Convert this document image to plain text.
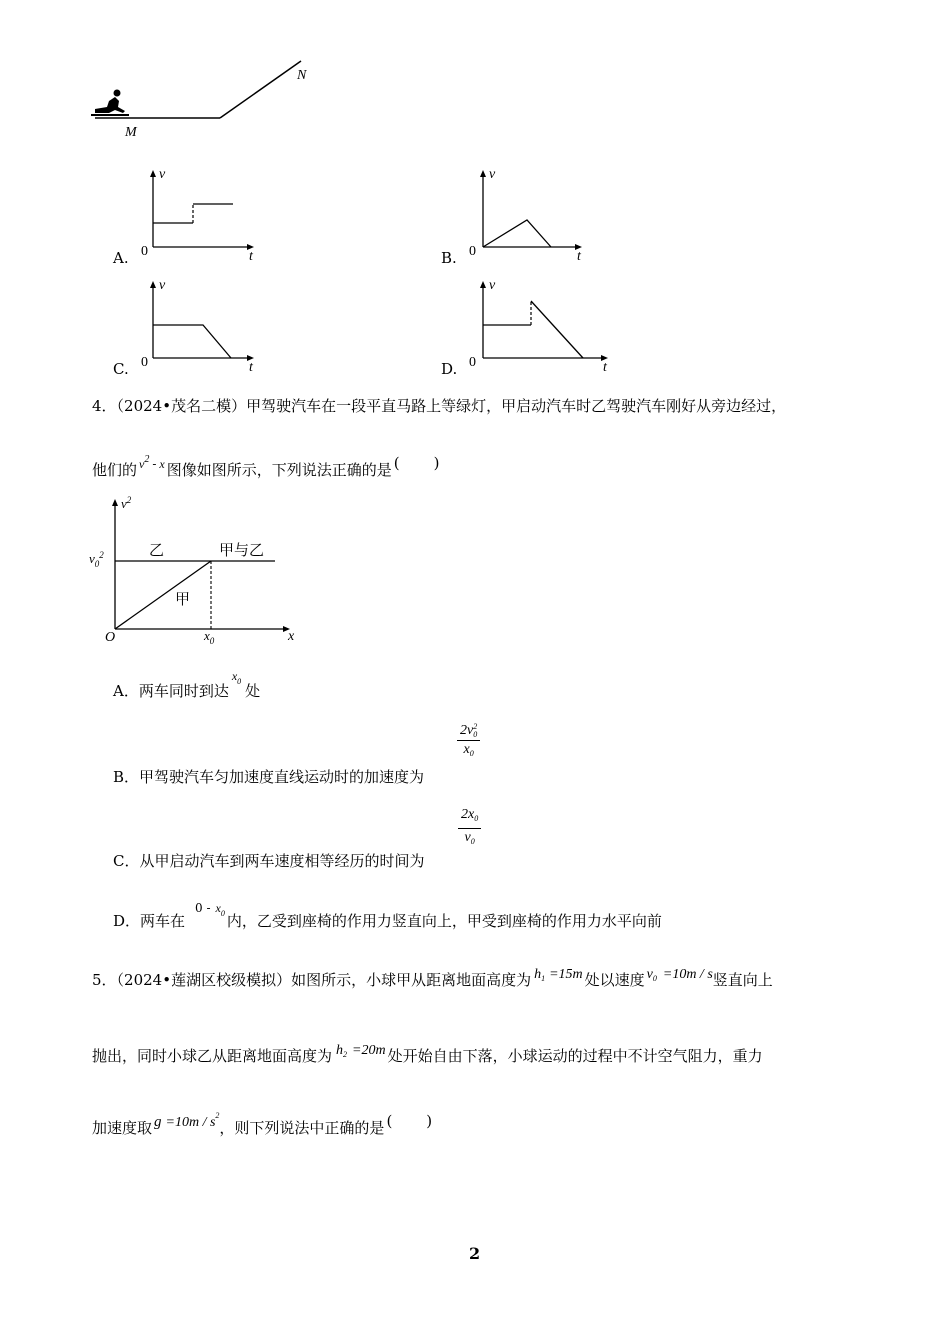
M
N
A.
v
t
0	B.
v
t
0
C.
v
t
0	D.
v
t
0
4．（2024•茂名二模）甲驾驶汽车在一段平直马路上等绿灯，甲启动汽车时乙驾驶汽车刚好从旁边经过，
他们的 $v^2$ - x 图像如图所示，下列说法正确的是 ( )
$v^2$
$v_0^2$	乙	甲与乙
甲
O	$x_0$	x
A．两车同时到达$x_0$处
B．甲驾驶汽车匀加速度直线运动时的加速度为
2v 2
0
$x_0$
C．从甲启动汽车到两车速度相等经历的时间为
$\frac{2x_0}{v_0}$
D．两车在$_{0 -}$ $_{x0}$ 内，乙受到座椅的作用力竖直向上，甲受到座椅的作用力水平向前
5．（2024•莲湖区校级模拟）如图所示，小球甲从距离地面高度为 $h_1 =15m$ 处以速度 $v_0 =10m / s$竖直向上
抛出，同时小球乙从距离地面高度为 $h_2 =20m$ 处开始自由下落，小球运动的过程中不计空气阻力，重力
加速度取 $g =10m / s^2$，则下列说法中正确的是 ( )
2
